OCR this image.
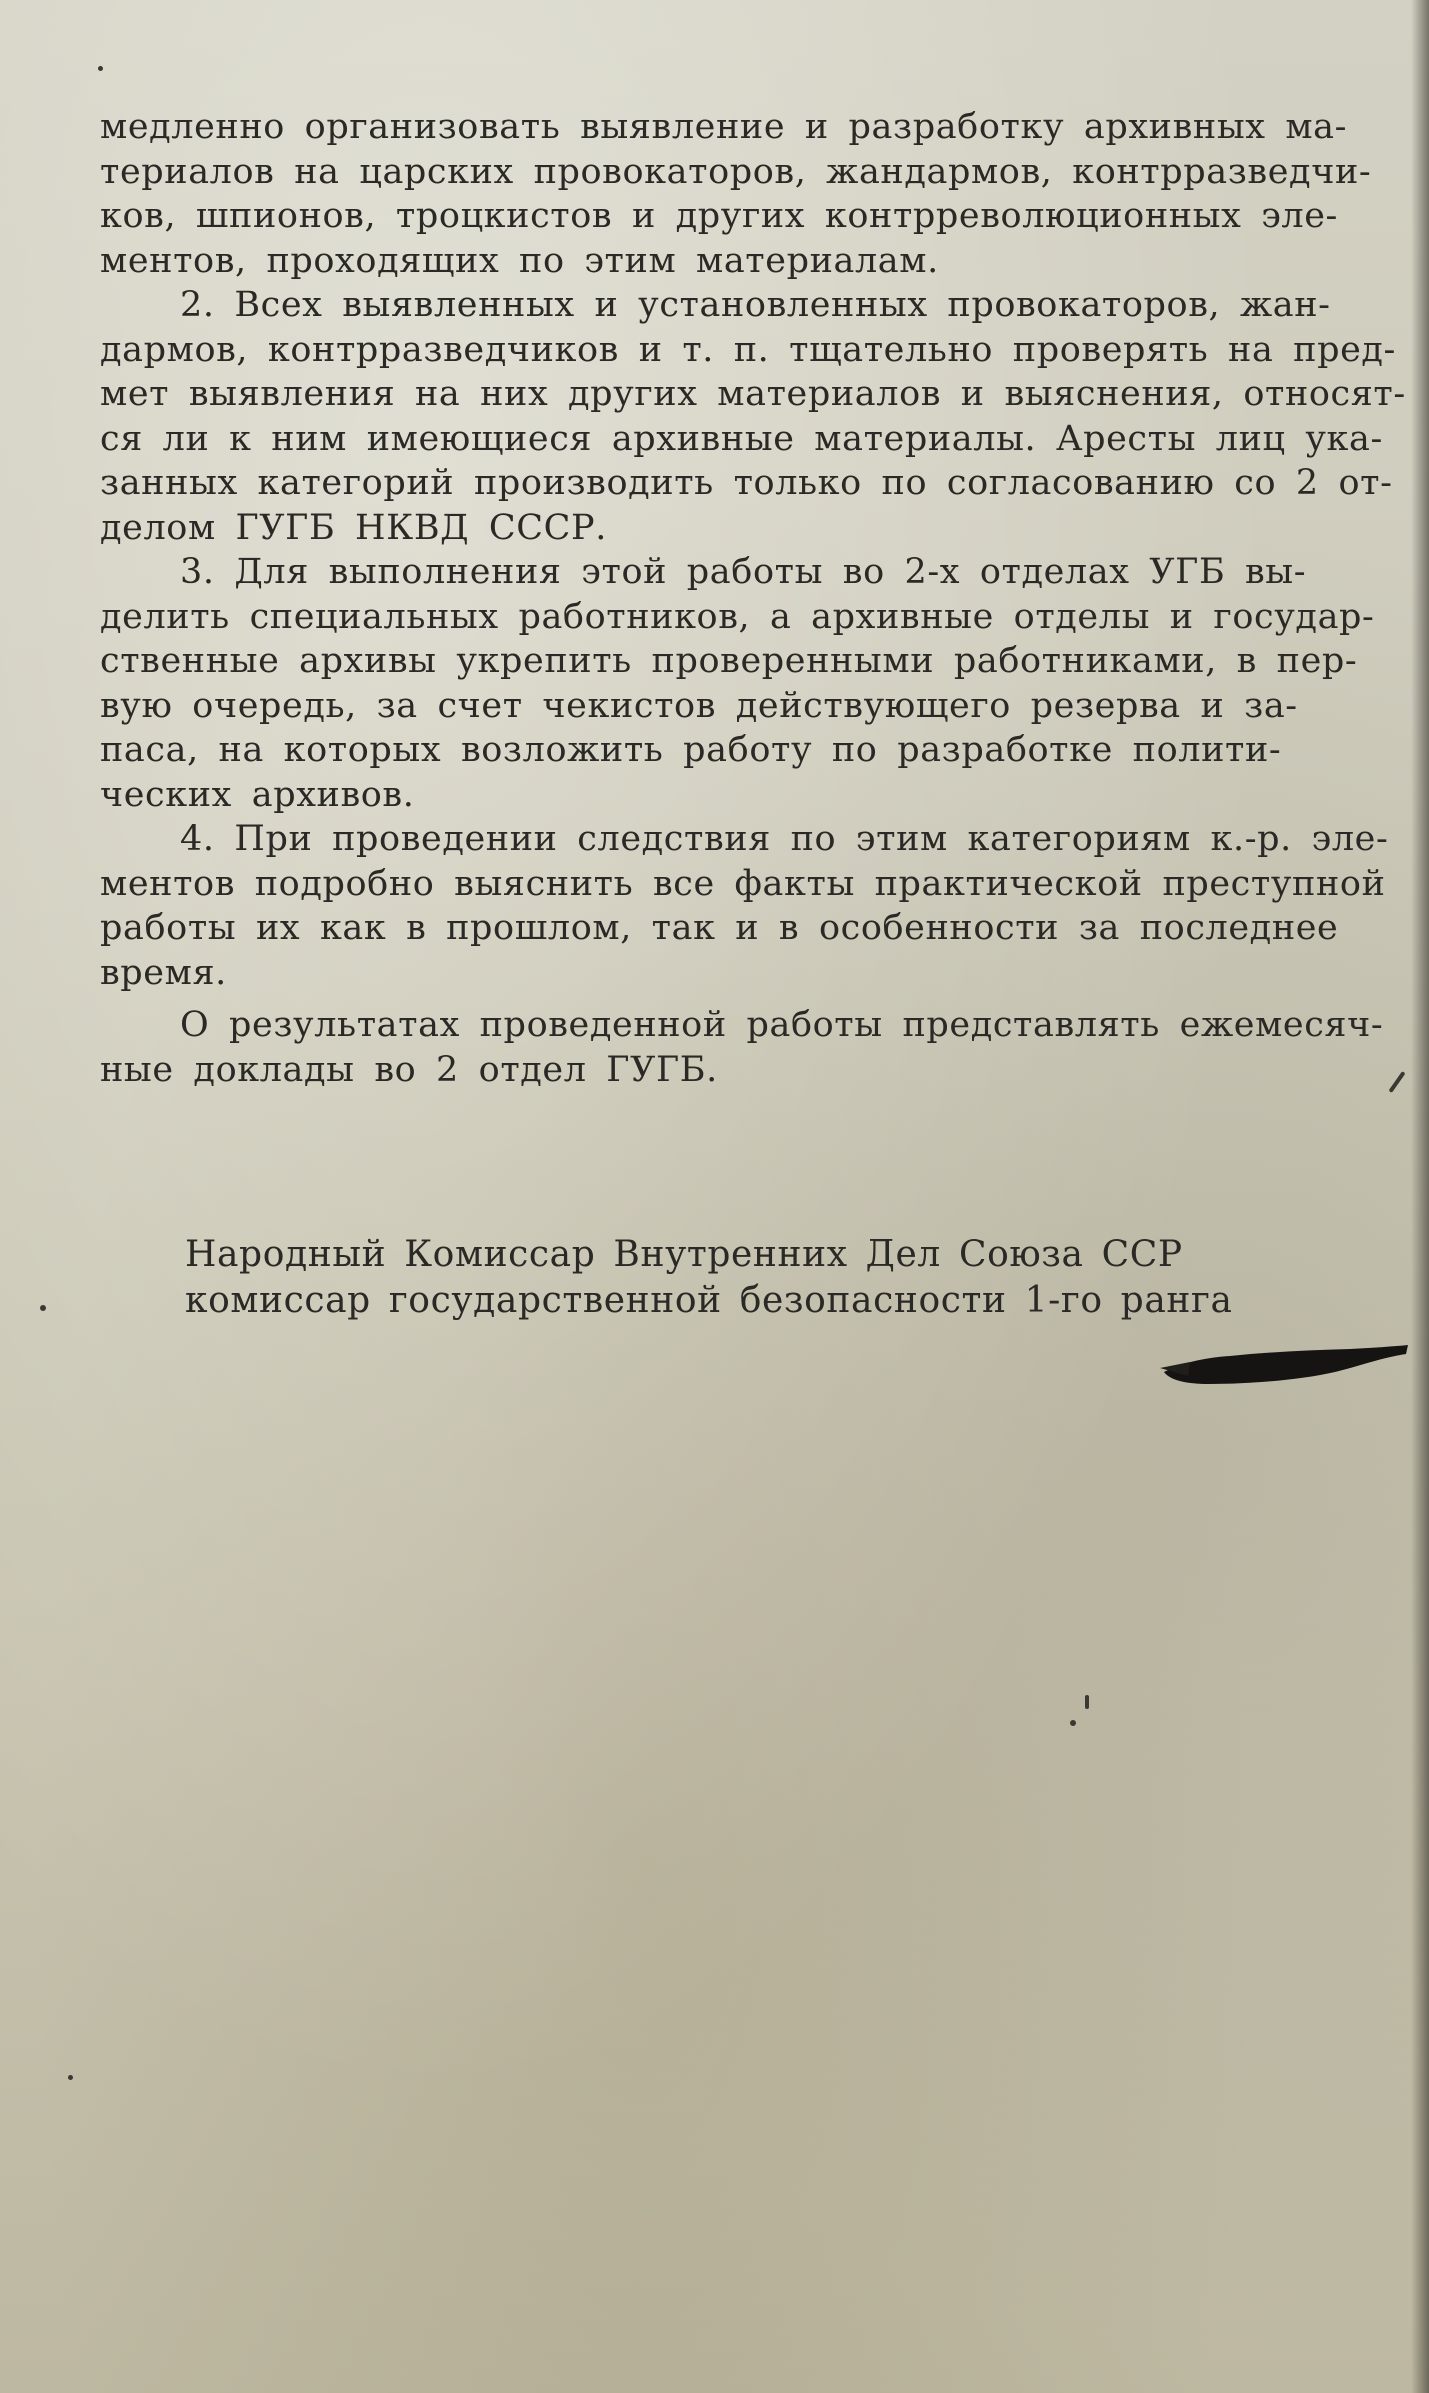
медленно организовать выявление и разработку архивных ма-
териалов на царских провокаторов, жандармов, контрразведчи-
ков, шпионов, троцкистов и других контрреволюционных эле-
ментов, проходящих по этим материалам.
2. Всех выявленных и установленных провокаторов, жан-
дармов, контрразведчиков и т. п. тщательно проверять на пред-
мет выявления на них других материалов и выяснения, относят-
ся ли к ним имеющиеся архивные материалы. Аресты лиц ука-
занных категорий производить только по согласованию со 2 от-
делом ГУГБ НКВД СССР.
3. Для выполнения этой работы во 2-х отделах УГБ вы-
делить специальных работников, а архивные отделы и государ-
ственные архивы укрепить проверенными работниками, в пер-
вую очередь, за счет чекистов действующего резерва и за-
паса, на которых возложить работу по разработке полити-
ческих архивов.
4. При проведении следствия по этим категориям к.-р. эле-
ментов подробно выяснить все факты практической преступной
работы их как в прошлом, так и в особенности за последнее
время.
О результатах проведенной работы представлять ежемесяч-
ные доклады во 2 отдел ГУГБ.
Народный Комиссар Внутренних Дел Союза ССР
комиссар государственной безопасности 1-го ранга
